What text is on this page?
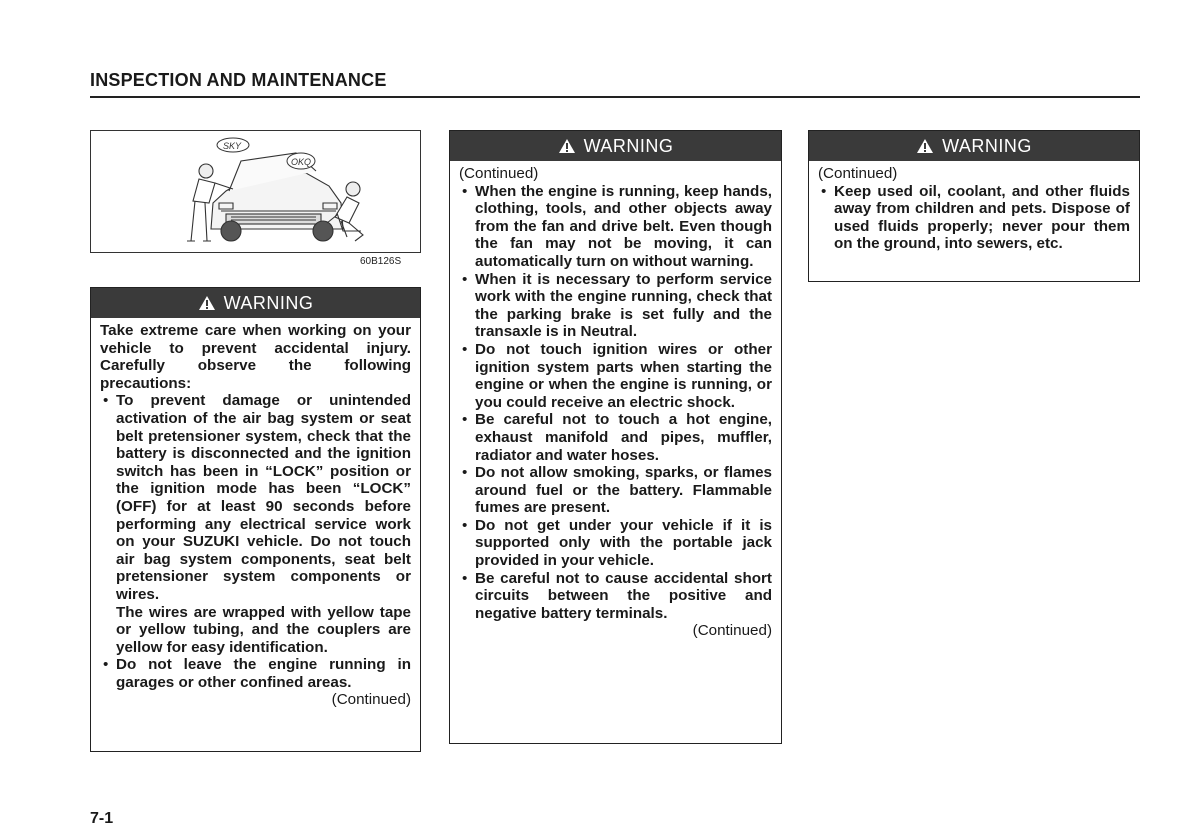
INSPECTION AND MAINTENANCE
SKY
OKQ
60B126S
WARNING
Take extreme care when working on your vehicle to prevent accidental injury. Carefully observe the following precautions:
• To prevent damage or unintended activation of the air bag system or seat belt pretensioner system, check that the battery is disconnected and the ignition switch has been in “LOCK” position or the ignition mode has been “LOCK” (OFF) for at least 90 seconds before performing any electrical service work on your SUZUKI vehicle. Do not touch air bag system components, seat belt pretensioner system components or wires.
The wires are wrapped with yellow tape or yellow tubing, and the couplers are yellow for easy identification.
• Do not leave the engine running in garages or other confined areas.
(Continued)
WARNING
(Continued)
• When the engine is running, keep hands, clothing, tools, and other objects away from the fan and drive belt. Even though the fan may not be moving, it can automatically turn on without warning.
• When it is necessary to perform service work with the engine running, check that the parking brake is set fully and the transaxle is in Neutral.
• Do not touch ignition wires or other ignition system parts when starting the engine or when the engine is running, or you could receive an electric shock.
• Be careful not to touch a hot engine, exhaust manifold and pipes, muffler, radiator and water hoses.
• Do not allow smoking, sparks, or flames around fuel or the battery. Flammable fumes are present.
• Do not get under your vehicle if it is supported only with the portable jack provided in your vehicle.
• Be careful not to cause accidental short circuits between the positive and negative battery terminals.
(Continued)
WARNING
(Continued)
• Keep used oil, coolant, and other fluids away from children and pets. Dispose of used fluids properly; never pour them on the ground, into sewers, etc.
7-1
